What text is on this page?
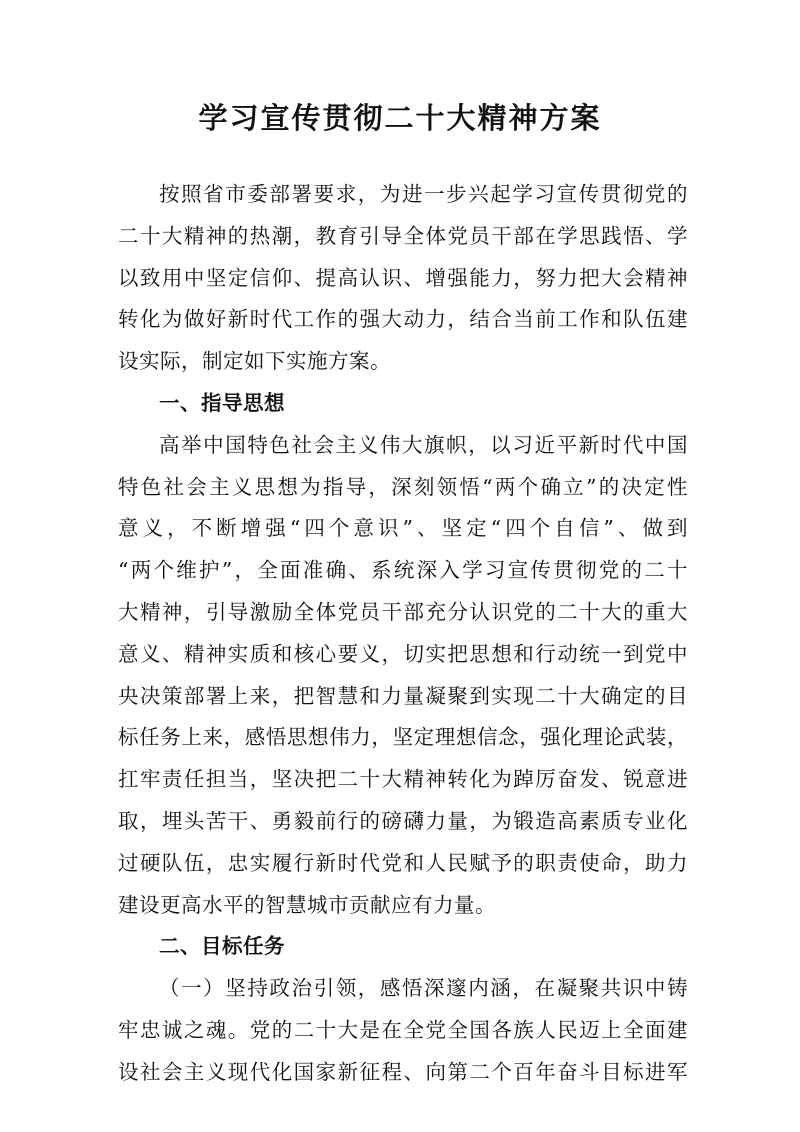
学习宣传贯彻二十大精神方案
按照省市委部署要求，为进一步兴起学习宣传贯彻党的
二十大精神的热潮，教育引导全体党员干部在学思践悟、学
以致用中坚定信仰、提高认识、增强能力，努力把大会精神
转化为做好新时代工作的强大动力，结合当前工作和队伍建
设实际，制定如下实施方案。
一、指导思想
高举中国特色社会主义伟大旗帜，以习近平新时代中国
特色社会主义思想为指导，深刻领悟“两个确立”的决定性
意义，不断增强“四个意识”、坚定“四个自信”、做到
“两个维护”，全面准确、系统深入学习宣传贯彻党的二十
大精神，引导激励全体党员干部充分认识党的二十大的重大
意义、精神实质和核心要义，切实把思想和行动统一到党中
央决策部署上来，把智慧和力量凝聚到实现二十大确定的目
标任务上来，感悟思想伟力，坚定理想信念，强化理论武装，
扛牢责任担当，坚决把二十大精神转化为踔厉奋发、锐意进
取，埋头苦干、勇毅前行的磅礴力量，为锻造高素质专业化
过硬队伍，忠实履行新时代党和人民赋予的职责使命，助力
建设更高水平的智慧城市贡献应有力量。
二、目标任务
（一）坚持政治引领，感悟深邃内涵，在凝聚共识中铸
牢忠诚之魂。党的二十大是在全党全国各族人民迈上全面建
设社会主义现代化国家新征程、向第二个百年奋斗目标进军
